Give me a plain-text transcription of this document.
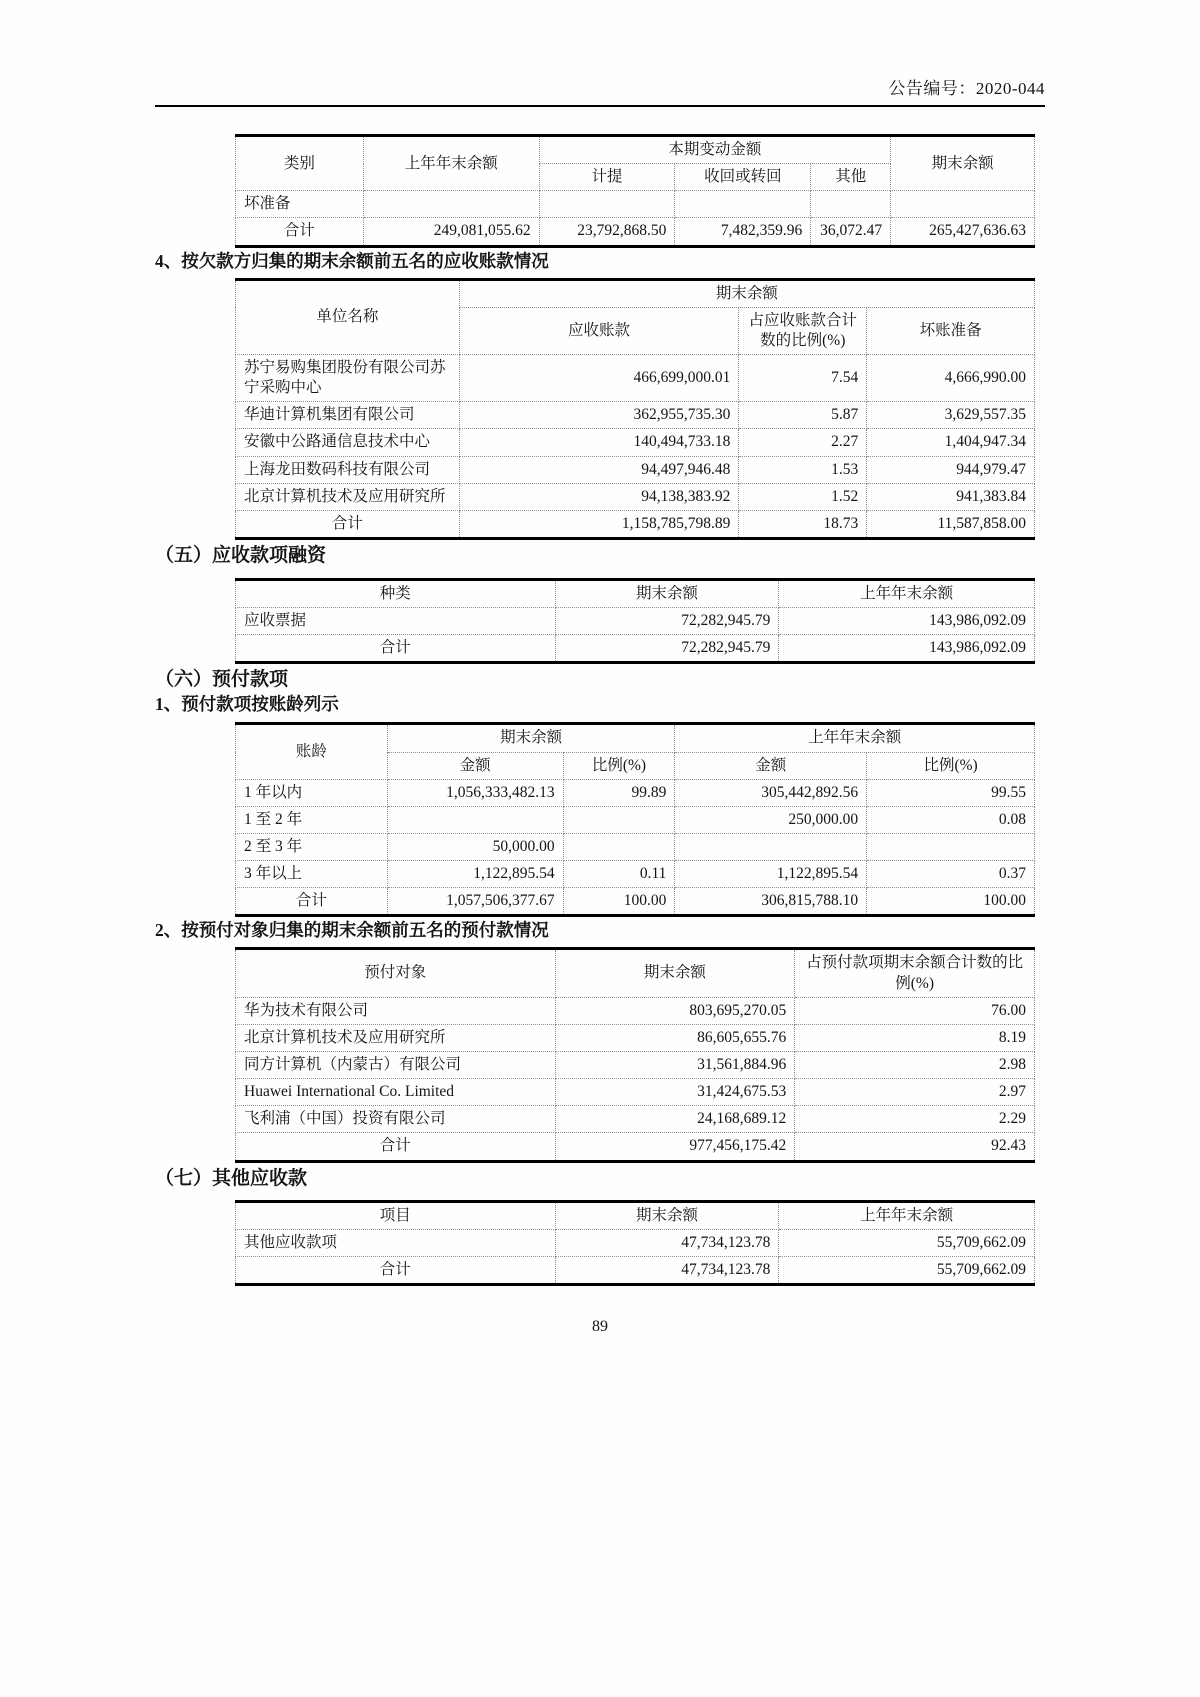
公告编号：2020-044
类别	上年年末余额	本期变动金额			期末余额
		计提	收回或转回	其他	
坏准备					
合计	249,081,055.62	23,792,868.50	7,482,359.96	36,072.47	265,427,636.63
4、按欠款方归集的期末余额前五名的应收账款情况
单位名称	期末余额		
	应收账款	占应收账款合计数的比例(%)	坏账准备
苏宁易购集团股份有限公司苏宁采购中心	466,699,000.01	7.54	4,666,990.00
华迪计算机集团有限公司	362,955,735.30	5.87	3,629,557.35
安徽中公路通信息技术中心	140,494,733.18	2.27	1,404,947.34
上海龙田数码科技有限公司	94,497,946.48	1.53	944,979.47
北京计算机技术及应用研究所	94,138,383.92	1.52	941,383.84
合计	1,158,785,798.89	18.73	11,587,858.00
（五）应收款项融资
种类	期末余额	上年年末余额
应收票据	72,282,945.79	143,986,092.09
合计	72,282,945.79	143,986,092.09
（六）预付款项
1、预付款项按账龄列示
账龄	期末余额		上年年末余额	
	金额	比例(%)	金额	比例(%)
1 年以内	1,056,333,482.13	99.89	305,442,892.56	99.55
1 至 2 年			250,000.00	0.08
2 至 3 年	50,000.00			
3 年以上	1,122,895.54	0.11	1,122,895.54	0.37
合计	1,057,506,377.67	100.00	306,815,788.10	100.00
2、按预付对象归集的期末余额前五名的预付款情况
预付对象	期末余额	占预付款项期末余额合计数的比例(%)
华为技术有限公司	803,695,270.05	76.00
北京计算机技术及应用研究所	86,605,655.76	8.19
同方计算机（内蒙古）有限公司	31,561,884.96	2.98
Huawei International Co. Limited	31,424,675.53	2.97
飞利浦（中国）投资有限公司	24,168,689.12	2.29
合计	977,456,175.42	92.43
（七）其他应收款
项目	期末余额	上年年末余额
其他应收款项	47,734,123.78	55,709,662.09
合计	47,734,123.78	55,709,662.09
89
